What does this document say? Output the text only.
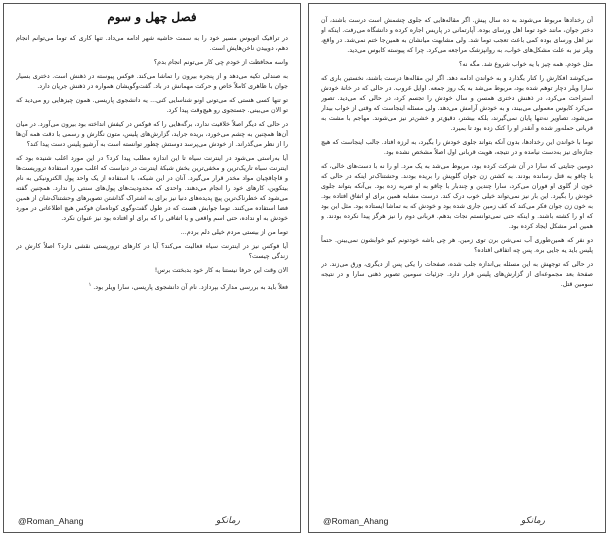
فصل چهل و سوم

در ترافیک اتوبوس مسیر خود را به سمت حاشیه شهر ادامه می‌داد. تنها کاری که توما می‌توانم انجام دهم، دوییدن ناخن‌هایش است.

واسه محافظت از خودم چی کار می‌تونم انجام بدم؟

به صندلی تکیه می‌دهد و از پنجره بیرون را تماشا می‌کند. فوکس پیوسته در ذهنش است. دختری بسیار جوان با ظاهری کاملاً خاص و حرکت مهمانش در باد. گفت‌وگویشان همواره در ذهنش جریان دارد.

تو تنها کسی هستی که می‌تونی اونو شناسایی کنی... یه دانشجوی پاریسی. همون چیزهایی رو می‌دید که تو الان می‌بینی. جستجوی رو هیچ‌وقت پیدا کرد.

در حالی که دیگر اصلاً خلاقیت ندارد، برگه‌هایی را که فوکس در کیفش انداخته بود بیرون می‌آورد. در میان آن‌ها همچنین به چشم می‌خورد، بریده جراید، گزارش‌های پلیس، متون نگارش و رسمی با دقت همه آن‌ها را از نظر می‌گذراند. از خودش می‌پرسد دوستش چطور توانسته است به آرشیو پلیس دست پیدا کند؟

آیا به‌راستی می‌شود در اینترنت سیاه تا این اندازه مطلب پیدا کرد؟ در این مورد اغلب شنیده بود که اینترنت سیاه تاریک‌ترین و مخفی‌ترین بخش شبکهٔ اینترنت در دنیاست که اغلب مورد استفادهٔ تروریست‌ها و قاچاقچیان مواد مخدر قرار می‌گیرد. آنان در این شبکه، با استفاده از یک واحد پول الکترونیکی به نام بیتکوین، کارهای خود را انجام می‌دهند. واحدی که محدودیت‌های پول‌های سنتی را ندارد. همچنین گفته می‌شود که خطرناک‌ترین پیچ‌ پدیده‌های دنیا نیز برای به اشتراک گذاشتن تصویرهای وحشتناک‌شان از همین فضا استفاده می‌کنند. توما جوابش هست که در طول گفت‌وگوی کوتاه‌مان فوکس هیچ اطلاعاتی در مورد خودش به او نداده، حتی اسم واقعی و یا اتفاقی را که برای او افتاده بود نیز عنوان نکرد.

توما من از بیستی مردم خیلی دلم بردم...

آیا فوکس نیز در اینترنت سیاه فعالیت می‌کند؟ آیا در کارهای تروریستی نقشی دارد؟ اصلاً کارش در زندگی چیست؟

الان وقت این حرفا نیستنا به کار خود بدبختت برس!

فعلاً باید به بررسی مدارک بپردازد. نام آن دانشجوی پاریسی، سارا ویلر بود. $^۱$

@Roman_Ahang	رمانکو

آن رخدادها مربوط می‌شوند به ده سال پیش. اگر مقاله‌هایی که جلوی چشمش است درست باشند، آن دختر جوان، مانند خود توما اهل ورسای بوده. آپارتمانی در پاریس اجاره کرده و دانشگاه می‌رفت. اینکه او نیز اهل ورسای بوده کمی باعث تعجب توما شد. ولی مشابهت میانشان به همین‌جا ختم نمی‌شد. در واقع، ویلر نیز به علت مشکل‌های خواب، به روانپزشک مراجعه می‌کرد. چرا که پیوسته کابوس می‌دید.

مثل خودم. همه چیز با یه خواب شروع شد. مگه نه؟

می‌کوشد افکارش را کنار بگذارد و به خواندن ادامه دهد. اگر این مقاله‌ها درست باشند، نخستین باری که سارا ویلر دچار توهم شده بود، مربوط می‌شد به یک روز جمعه. اوایل غروب. در حالی که در خانهٔ خودش استراحت می‌کرد، در ذهنش دختری همسن و سال خودش را تجسم کرد، در حالی که می‌دید. تصور می‌کرد کابوس معمولی می‌بیند، و به خودش آرامش می‌دهد. ولی مسئله اینجاست که وقتی از خواب بیدار می‌شود، تصاویر نه‌تنها پایان نمی‌گیرند، بلکه بیشتر، دقیق‌تر و خشن‌تر نیز می‌شوند. مهاجم با مشت به قربانی حمله‌ور شده و آنقدر او را کتک زده بود تا بمیرد.

توما با خواندن این رخدادها، بدون آنکه بتواند جلوی خودش را بگیرد، به لرزه افتاد. جالب اینجاست که هیچ جنازه‌ای نیز به‌دست نیامده و در نتیجه، هویت قربانی اول اصلاً مشخص نشده بود.

دومین جنایتی که سارا در آن شرکت کرده بود، مربوط می‌شد به یک مرد. او را نه با دست‌های خالی، که با چاقو به قتل رسانده بودند. به کشتن زن جوان گلویش را بریده بودند. وحشتناک‌تر اینکه در حالی که خون از گلوی او فوران می‌کرد، سارا چندین و چندبار با چاقو به او ضربه زده بود. بی‌آنکه بتواند جلوی خودش را بگیرد. این بار نیز نمی‌تواند خیلی خوب درک کند. درست مشابه همین برای او اتفاق افتاده بود. به خون زن جوان فکر می‌کند که کف زمین جاری شده بود و خودش که به تماشا ایستاده بود. مثل این بود که او را کشته باشند. و اینکه حتی نمی‌توانستم نجات بدهم. قربانی دوم را نیز هرگز پیدا نکرده بودند. و همین امر مشکل ایجاد کرده بود.

دو نفر که همین‌طوری آب نمی‌شن برن توی زمین. هر چی باشه خودتونم کیو خوابشون نمی‌بینن. حتماً پلیس باید یه جایی بره. پس چه اتفاقی افتاده؟

در حالی که توجهش به این مسئله بی‌اندازه جلب شده، صفحات را یکی پس از دیگری، ورق می‌زند. در صفحهٔ بعد مجموعه‌ای از گزارش‌های پلیس قرار دارد. جزئیات سومین تصویر ذهنی سارا و در نتیجه سومین قتل.

@Roman_Ahang	رمانکو
